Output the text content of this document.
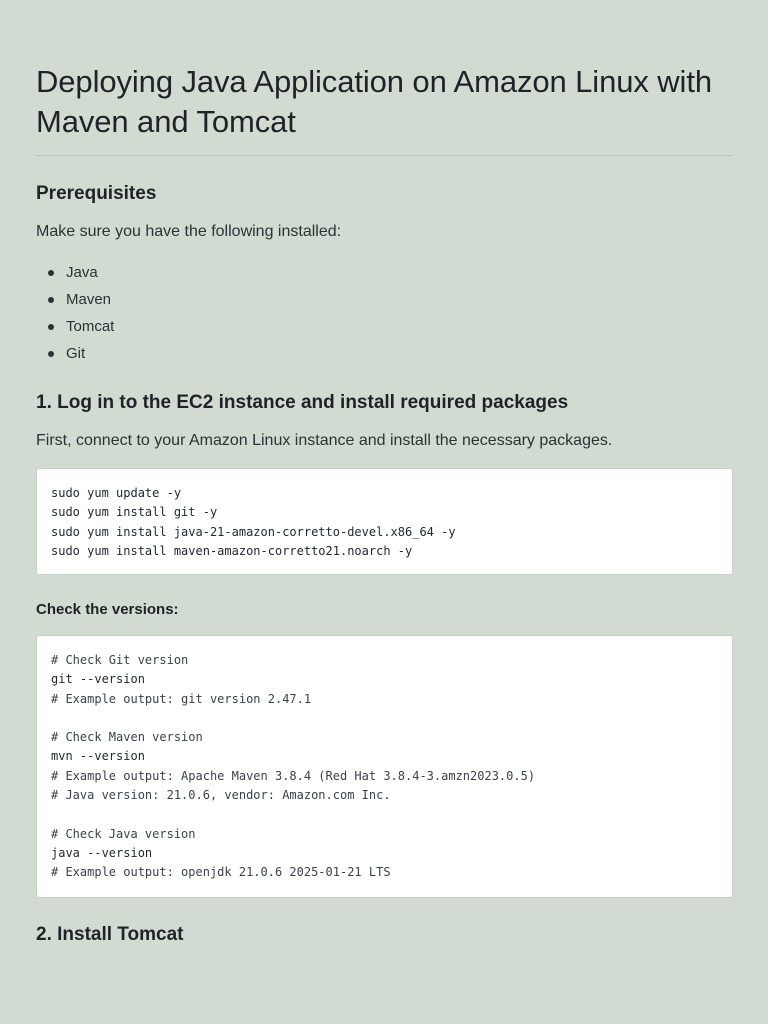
Deploying Java Application on Amazon Linux with Maven and Tomcat
Prerequisites

Make sure you have the following installed:

Java
Maven
Tomcat
Git
1. Log in to the EC2 instance and install required packages

First, connect to your Amazon Linux instance and install the necessary packages.

sudo yum update -y
sudo yum install git -y
sudo yum install java-21-amazon-corretto-devel.x86_64 -y
sudo yum install maven-amazon-corretto21.noarch -y
Check the versions:
# Check Git version
git --version
# Example output: git version 2.47.1

# Check Maven version
mvn --version
# Example output: Apache Maven 3.8.4 (Red Hat 3.8.4-3.amzn2023.0.5)
# Java version: 21.0.6, vendor: Amazon.com Inc.

# Check Java version
java --version
# Example output: openjdk 21.0.6 2025-01-21 LTS
2. Install Tomcat
